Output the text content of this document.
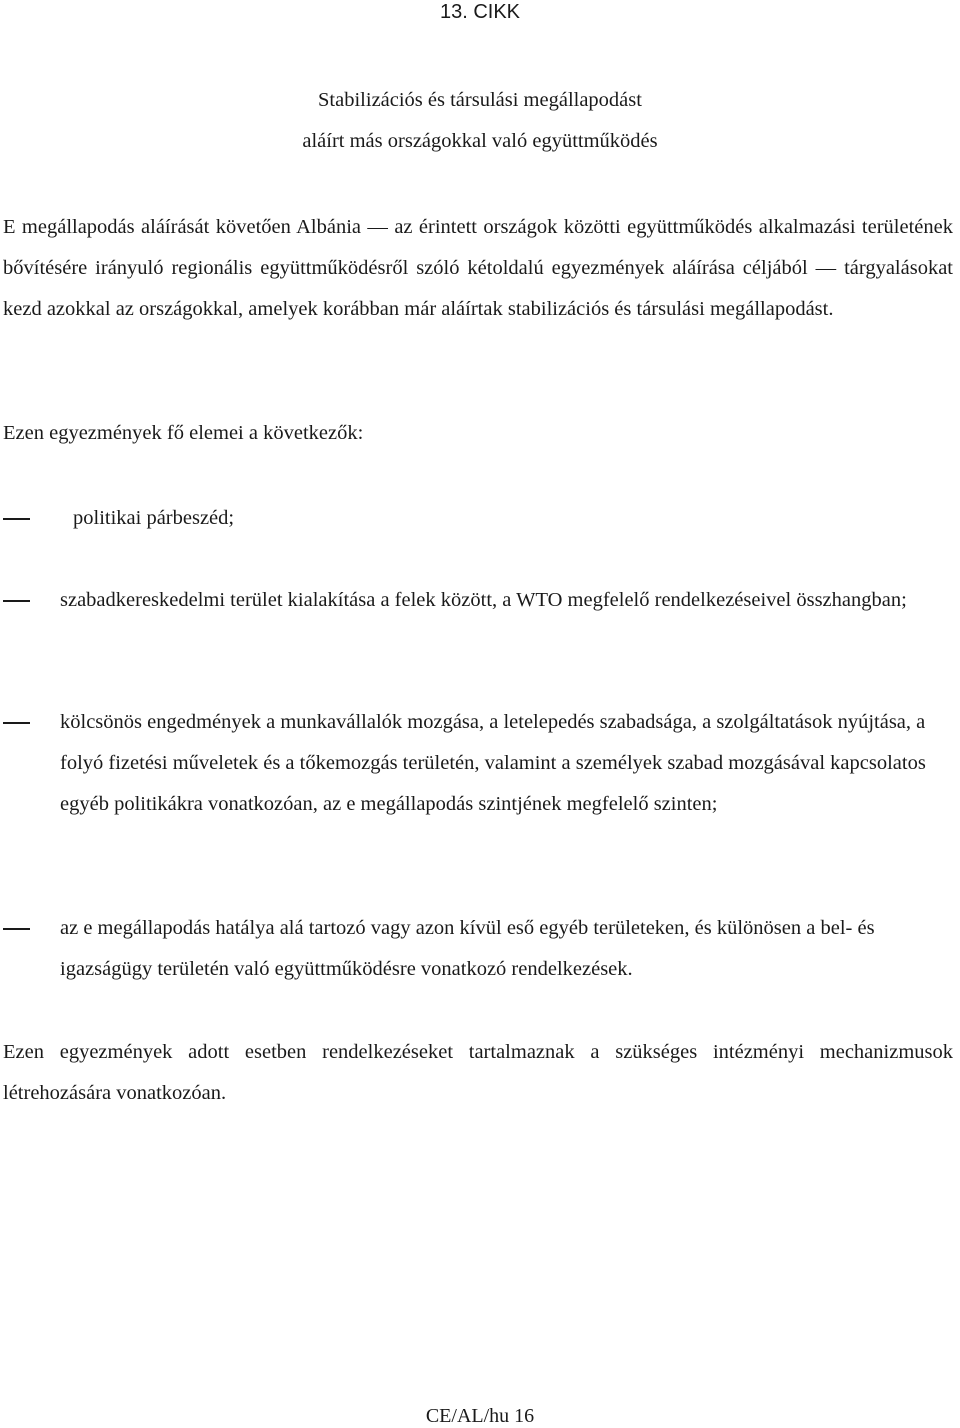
13. CIKK
Stabilizációs és társulási megállapodást
aláírt más országokkal való együttműködés
E megállapodás aláírását követően Albánia — az érintett országok közötti együttműködés alkalmazási területének bővítésére irányuló regionális együttműködésről szóló kétoldalú egyezmények aláírása céljából — tárgyalásokat kezd azokkal az országokkal, amelyek korábban már aláírtak stabilizációs és társulási megállapodást.
Ezen egyezmények fő elemei a következők:
politikai párbeszéd;
szabadkereskedelmi terület kialakítása a felek között, a WTO megfelelő rendelkezéseivel összhangban;
kölcsönös engedmények a munkavállalók mozgása, a letelepedés szabadsága, a szolgáltatások nyújtása, a folyó fizetési műveletek és a tőkemozgás területén, valamint a személyek szabad mozgásával kapcsolatos egyéb politikákra vonatkozóan, az e megállapodás szintjének megfelelő szinten;
az e megállapodás hatálya alá tartozó vagy azon kívül eső egyéb területeken, és különösen a bel- és igazságügy területén való együttműködésre vonatkozó rendelkezések.
Ezen egyezmények adott esetben rendelkezéseket tartalmaznak a szükséges intézményi mechanizmusok létrehozására vonatkozóan.
CE/AL/hu 16
